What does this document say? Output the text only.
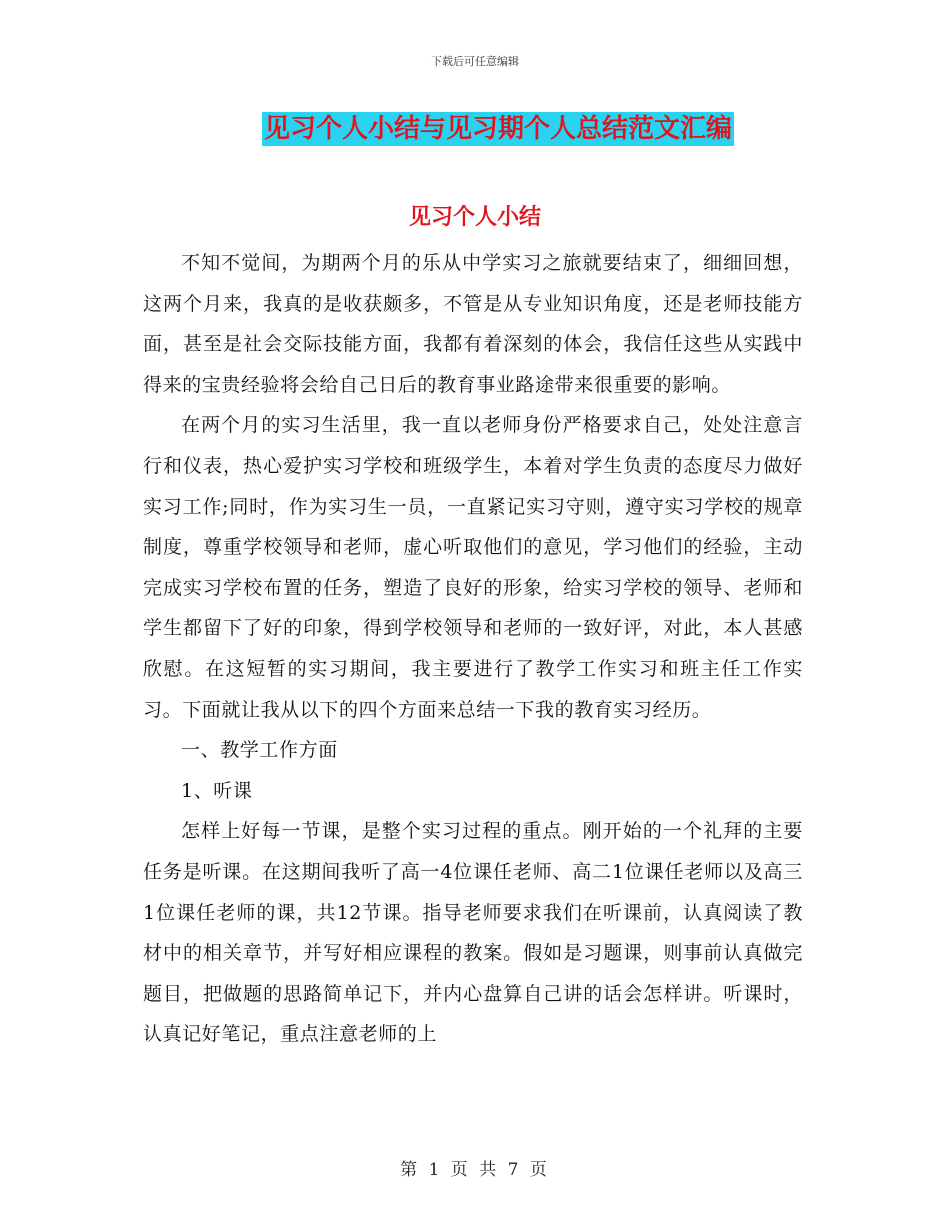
下载后可任意编辑
见习个人小结与见习期个人总结范文汇编
见习个人小结

不知不觉间，为期两个月的乐从中学实习之旅就要结束了，细细回想，这两个月来，我真的是收获颇多，不管是从专业知识角度，还是老师技能方面，甚至是社会交际技能方面，我都有着深刻的体会，我信任这些从实践中得来的宝贵经验将会给自己日后的教育事业路途带来很重要的影响。

在两个月的实习生活里，我一直以老师身份严格要求自己，处处注意言行和仪表，热心爱护实习学校和班级学生，本着对学生负责的态度尽力做好实习工作;同时，作为实习生一员，一直紧记实习守则，遵守实习学校的规章制度，尊重学校领导和老师，虚心听取他们的意见，学习他们的经验，主动完成实习学校布置的任务，塑造了良好的形象，给实习学校的领导、老师和学生都留下了好的印象，得到学校领导和老师的一致好评，对此，本人甚感欣慰。在这短暂的实习期间，我主要进行了教学工作实习和班主任工作实习。下面就让我从以下的四个方面来总结一下我的教育实习经历。

一、教学工作方面

1、听课

怎样上好每一节课，是整个实习过程的重点。刚开始的一个礼拜的主要任务是听课。在这期间我听了高一4位课任老师、高二1位课任老师以及高三1位课任老师的课，共12节课。指导老师要求我们在听课前，认真阅读了教材中的相关章节，并写好相应课程的教案。假如是习题课，则事前认真做完题目，把做题的思路简单记下，并内心盘算自己讲的话会怎样讲。听课时，认真记好笔记，重点注意老师的上

第 1 页 共 7 页
